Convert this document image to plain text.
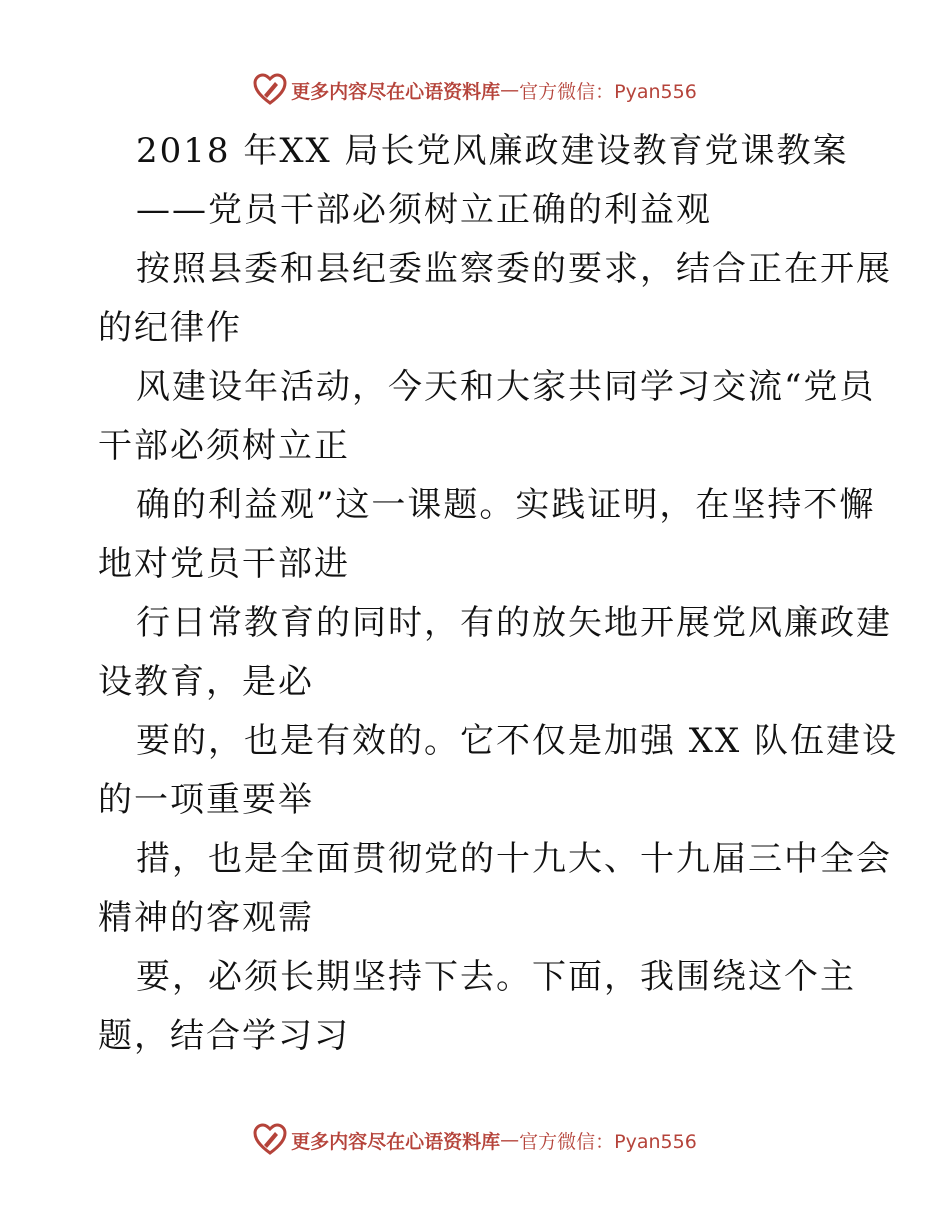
更多内容尽在心语资料库 — 官方微信：Pyan556
2018 年XX 局长党风廉政建设教育党课教案
——党员干部必须树立正确的利益观
按照县委和县纪委监察委的要求，结合正在开展
的纪律作
风建设年活动，今天和大家共同学习交流“党员
干部必须树立正
确的利益观”这一课题。实践证明，在坚持不懈
地对党员干部进
行日常教育的同时，有的放矢地开展党风廉政建
设教育，是必
要的，也是有效的。它不仅是加强 XX 队伍建设
的一项重要举
措，也是全面贯彻党的十九大、十九届三中全会
精神的客观需
要，必须长期坚持下去。下面，我围绕这个主
题，结合学习习
更多内容尽在心语资料库 — 官方微信：Pyan556
